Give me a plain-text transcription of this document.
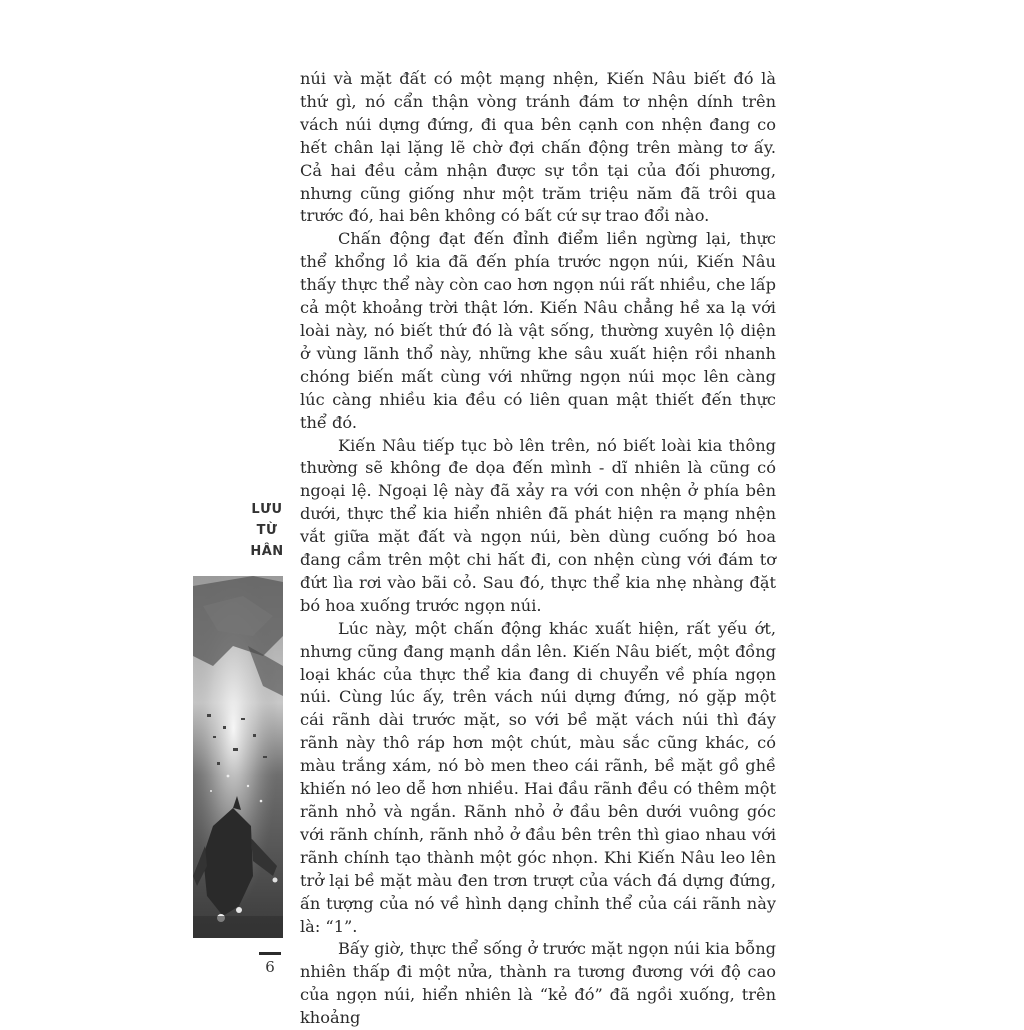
núi và mặt đất có một mạng nhện, Kiến Nâu biết đó là thứ gì, nó cẩn thận vòng tránh đám tơ nhện dính trên vách núi dựng đứng, đi qua bên cạnh con nhện đang co hết chân lại lặng lẽ chờ đợi chấn động trên màng tơ ấy. Cả hai đều cảm nhận được sự tồn tại của đối phương, nhưng cũng giống như một trăm triệu năm đã trôi qua trước đó, hai bên không có bất cứ sự trao đổi nào.

Chấn động đạt đến đỉnh điểm liền ngừng lại, thực thể khổng lồ kia đã đến phía trước ngọn núi, Kiến Nâu thấy thực thể này còn cao hơn ngọn núi rất nhiều, che lấp cả một khoảng trời thật lớn. Kiến Nâu chẳng hề xa lạ với loài này, nó biết thứ đó là vật sống, thường xuyên lộ diện ở vùng lãnh thổ này, những khe sâu xuất hiện rồi nhanh chóng biến mất cùng với những ngọn núi mọc lên càng lúc càng nhiều kia đều có liên quan mật thiết đến thực thể đó.

Kiến Nâu tiếp tục bò lên trên, nó biết loài kia thông thường sẽ không đe dọa đến mình - dĩ nhiên là cũng có ngoại lệ. Ngoại lệ này đã xảy ra với con nhện ở phía bên dưới, thực thể kia hiển nhiên đã phát hiện ra mạng nhện vắt giữa mặt đất và ngọn núi, bèn dùng cuống bó hoa đang cầm trên một chi hất đi, con nhện cùng với đám tơ đứt lìa rơi vào bãi cỏ. Sau đó, thực thể kia nhẹ nhàng đặt bó hoa xuống trước ngọn núi.

Lúc này, một chấn động khác xuất hiện, rất yếu ớt, nhưng cũng đang mạnh dần lên. Kiến Nâu biết, một đồng loại khác của thực thể kia đang di chuyển về phía ngọn núi. Cùng lúc ấy, trên vách núi dựng đứng, nó gặp một cái rãnh dài trước mặt, so với bề mặt vách núi thì đáy rãnh này thô ráp hơn một chút, màu sắc cũng khác, có màu trắng xám, nó bò men theo cái rãnh, bề mặt gồ ghề khiến nó leo dễ hơn nhiều. Hai đầu rãnh đều có thêm một rãnh nhỏ và ngắn. Rãnh nhỏ ở đầu bên dưới vuông góc với rãnh chính, rãnh nhỏ ở đầu bên trên thì giao nhau với rãnh chính tạo thành một góc nhọn. Khi Kiến Nâu leo lên trở lại bề mặt màu đen trơn trượt của vách đá dựng đứng, ấn tượng của nó về hình dạng chỉnh thể của cái rãnh này là: “1”.

Bấy giờ, thực thể sống ở trước mặt ngọn núi kia bỗng nhiên thấp đi một nửa, thành ra tương đương với độ cao của ngọn núi, hiển nhiên là “kẻ đó” đã ngồi xuống, trên khoảng

LƯU
TỪ
HÂN
6
